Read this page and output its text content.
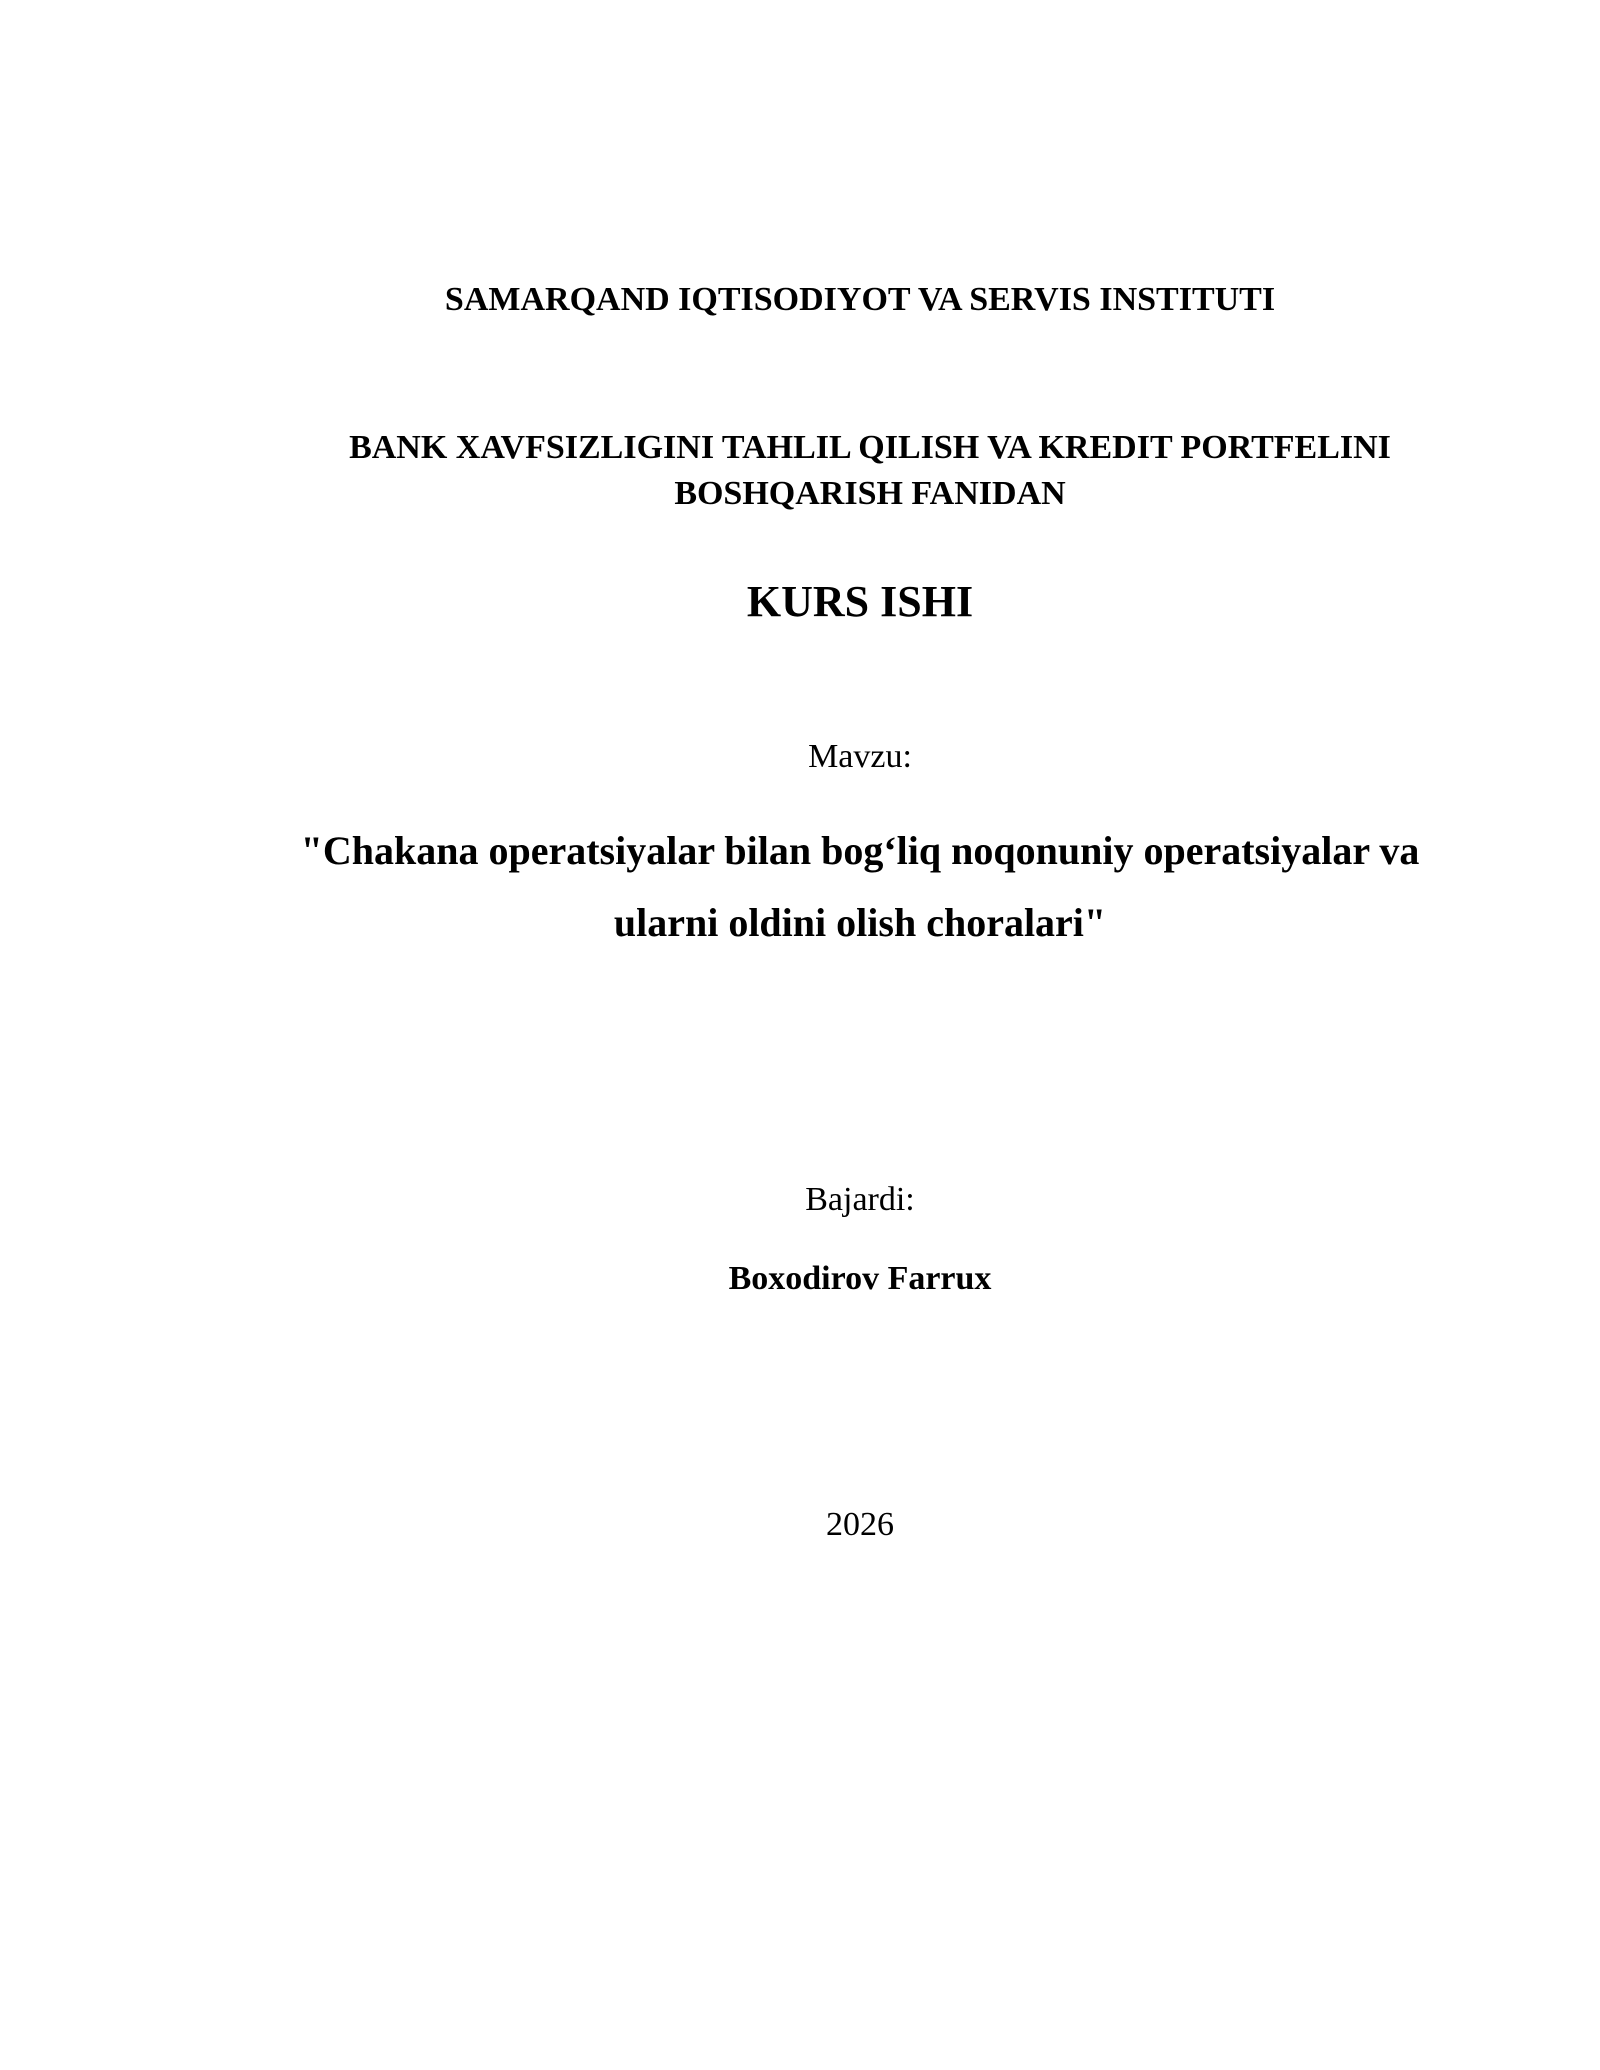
SAMARQAND IQTISODIYOT VA SERVIS INSTITUTI
BANK XAVFSIZLIGINI TAHLIL QILISH VA KREDIT PORTFELINI
BOSHQARISH FANIDAN
KURS ISHI
Mavzu:
"Chakana operatsiyalar bilan bog‘liq noqonuniy operatsiyalar va
ularni oldini olish choralari"
Bajardi:
Boxodirov Farrux
2026
